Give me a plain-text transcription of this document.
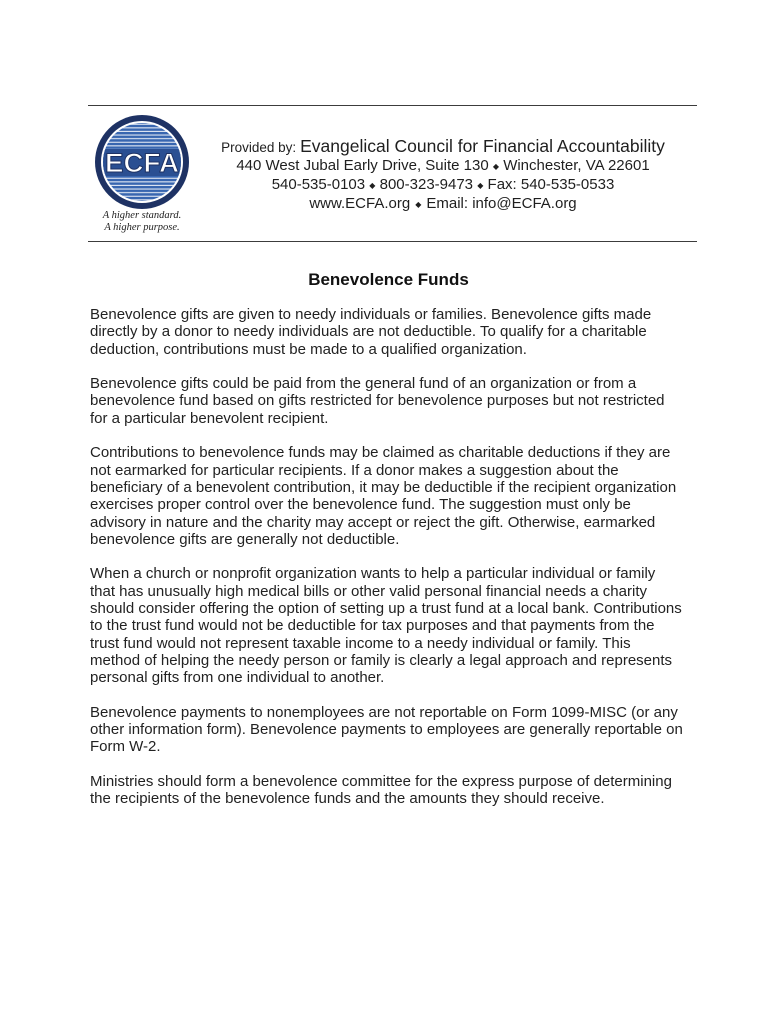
ECFA
A higher standard.
A higher purpose.
Provided by: Evangelical Council for Financial Accountability
440 West Jubal Early Drive, Suite 130 ◆ Winchester, VA 22601
540-535-0103 ◆ 800-323-9473 ◆ Fax: 540-535-0533
www.ECFA.org ◆ Email: info@ECFA.org
Benevolence Funds
Benevolence gifts are given to needy individuals or families. Benevolence gifts made
directly by a donor to needy individuals are not deductible. To qualify for a charitable
deduction, contributions must be made to a qualified organization.
Benevolence gifts could be paid from the general fund of an organization or from a
benevolence fund based on gifts restricted for benevolence purposes but not restricted
for a particular benevolent recipient.
Contributions to benevolence funds may be claimed as charitable deductions if they are
not earmarked for particular recipients. If a donor makes a suggestion about the
beneficiary of a benevolent contribution, it may be deductible if the recipient organization
exercises proper control over the benevolence fund. The suggestion must only be
advisory in nature and the charity may accept or reject the gift. Otherwise, earmarked
benevolence gifts are generally not deductible.
When a church or nonprofit organization wants to help a particular individual or family
that has unusually high medical bills or other valid personal financial needs a charity
should consider offering the option of setting up a trust fund at a local bank. Contributions
to the trust fund would not be deductible for tax purposes and that payments from the
trust fund would not represent taxable income to a needy individual or family. This
method of helping the needy person or family is clearly a legal approach and represents
personal gifts from one individual to another.
Benevolence payments to nonemployees are not reportable on Form 1099-MISC (or any
other information form). Benevolence payments to employees are generally reportable on
Form W-2.
Ministries should form a benevolence committee for the express purpose of determining
the recipients of the benevolence funds and the amounts they should receive.
